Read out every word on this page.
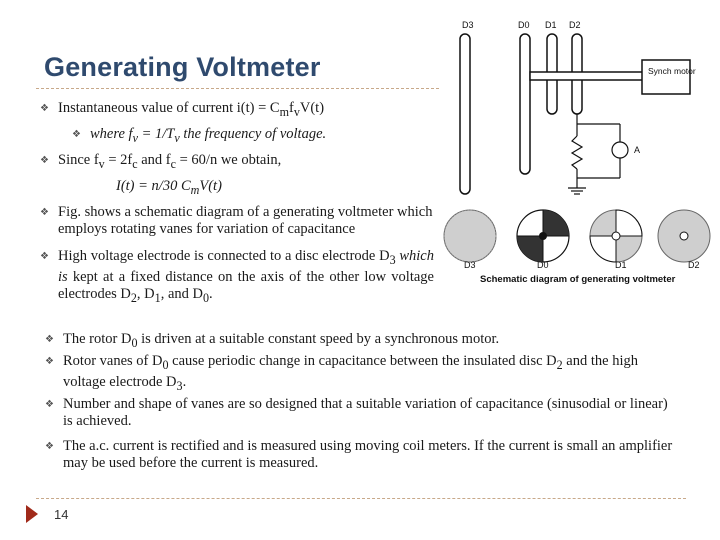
Generating Voltmeter
❖ Instantaneous value of current $i(t) = C_mf_vV(t)$
❖ where $f_v = 1/T_v$ the frequency of voltage.
❖ Since $f_v = 2f_c$ and $f_c = 60/n$ we obtain,
I(t) = n/30 $C_mV(t)$
❖ Fig. shows a schematic diagram of a generating voltmeter which employs rotating vanes for variation of capacitance
❖ High voltage electrode is connected to a disc electrode $D_3$ which is kept at a fixed distance on the axis of the other low voltage electrodes $D_2$, $D_1$, and $D_0$.
❖ The rotor $D_0$ is driven at a suitable constant speed by a synchronous motor.
❖ Rotor vanes of $D_0$ cause periodic change in capacitance between the insulated disc $D_2$ and the high voltage electrode $D_3$.
❖ Number and shape of vanes are so designed that a suitable variation of capacitance (sinusodial or linear) is achieved.
❖ The a.c. current is rectified and is measured using moving coil meters. If the current is small an amplifier may be used before the current is measured.
14
D3	D0 D1 D2
Synch motor
A
D3	D0	D1	D2
Schematic diagram of generating voltmeter
